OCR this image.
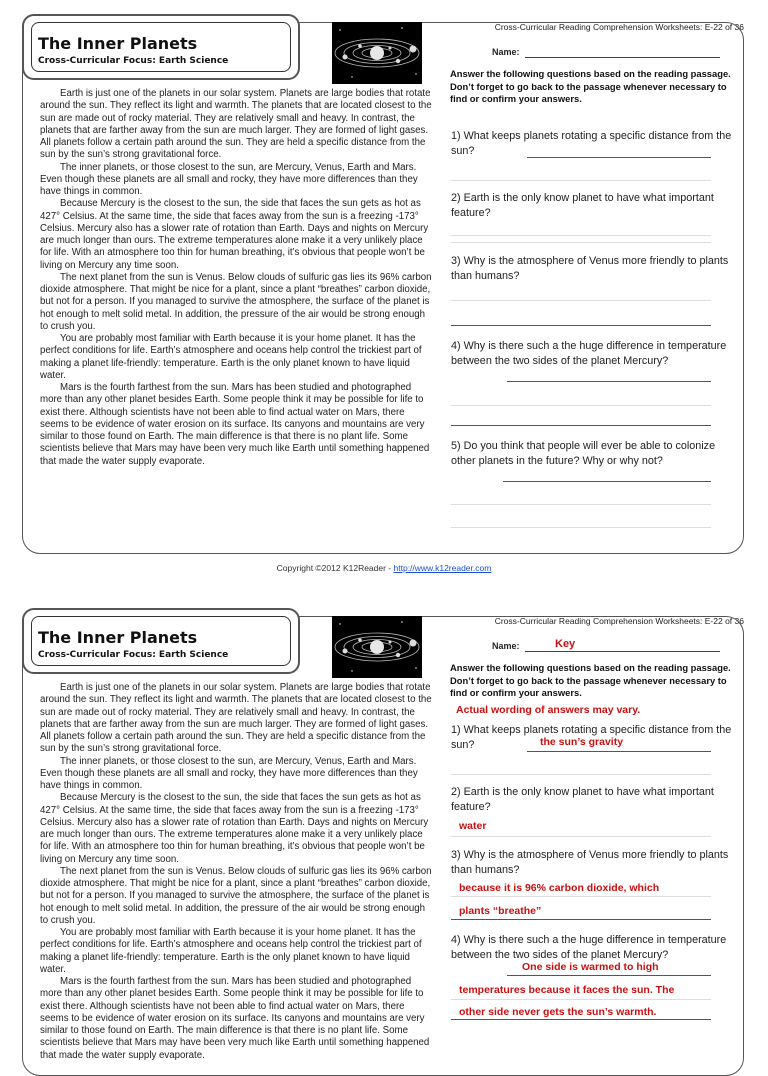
Cross-Curricular Reading Comprehension Worksheets: E-22 of 36
The Inner Planets
Cross-Curricular Focus: Earth Science

Earth is just one of the planets in our solar system. Planets are large bodies that rotate around the sun. They reflect its light and warmth. The planets that are located closest to the sun are made out of rocky material. They are relatively small and heavy. In contrast, the planets that are farther away from the sun are much larger. They are formed of light gases. All planets follow a certain path around the sun. They are held a specific distance from the sun by the sun’s strong gravitational force.

The inner planets, or those closest to the sun, are Mercury, Venus, Earth and Mars. Even though these planets are all small and rocky, they have more differences than they have things in common.

Because Mercury is the closest to the sun, the side that faces the sun gets as hot as 427° Celsius. At the same time, the side that faces away from the sun is a freezing -173° Celsius. Mercury also has a slower rate of rotation than Earth. Days and nights on Mercury are much longer than ours. The extreme temperatures alone make it a very unlikely place for life. With an atmosphere too thin for human breathing, it’s obvious that people won’t be living on Mercury any time soon.

The next planet from the sun is Venus. Below clouds of sulfuric gas lies its 96% carbon dioxide atmosphere. That might be nice for a plant, since a plant “breathes” carbon dioxide, but not for a person. If you managed to survive the atmosphere, the surface of the planet is hot enough to melt solid metal. In addition, the pressure of the air would be strong enough to crush you.

You are probably most familiar with Earth because it is your home planet. It has the perfect conditions for life. Earth’s atmosphere and oceans help control the trickiest part of making a planet life-friendly: temperature. Earth is the only planet known to have liquid water.

Mars is the fourth farthest from the sun. Mars has been studied and photographed more than any other planet besides Earth. Some people think it may be possible for life to exist there. Although scientists have not been able to find actual water on Mars, there seems to be evidence of water erosion on its surface. Its canyons and mountains are very similar to those found on Earth. The main difference is that there is no plant life. Some scientists believe that Mars may have been very much like Earth until something happened that made the water supply evaporate.

Name:
Answer the following questions based on the reading passage. Don’t forget to go back to the passage whenever necessary to find or confirm your answers.
1) What keeps planets rotating a specific distance from the sun?
2) Earth is the only know planet to have what important feature?
3) Why is the atmosphere of Venus more friendly to plants than humans?
4) Why is there such a the huge difference in temperature between the two sides of the planet Mercury?
5) Do you think that people will ever be able to colonize other planets in the future? Why or why not?
Copyright ©2012 K12Reader - http://www.k12reader.com
Cross-Curricular Reading Comprehension Worksheets: E-22 of 36
The Inner Planets
Cross-Curricular Focus: Earth Science

Earth is just one of the planets in our solar system. Planets are large bodies that rotate around the sun. They reflect its light and warmth. The planets that are located closest to the sun are made out of rocky material. They are relatively small and heavy. In contrast, the planets that are farther away from the sun are much larger. They are formed of light gases. All planets follow a certain path around the sun. They are held a specific distance from the sun by the sun’s strong gravitational force.

The inner planets, or those closest to the sun, are Mercury, Venus, Earth and Mars. Even though these planets are all small and rocky, they have more differences than they have things in common.

Because Mercury is the closest to the sun, the side that faces the sun gets as hot as 427° Celsius. At the same time, the side that faces away from the sun is a freezing -173° Celsius. Mercury also has a slower rate of rotation than Earth. Days and nights on Mercury are much longer than ours. The extreme temperatures alone make it a very unlikely place for life. With an atmosphere too thin for human breathing, it’s obvious that people won’t be living on Mercury any time soon.

The next planet from the sun is Venus. Below clouds of sulfuric gas lies its 96% carbon dioxide atmosphere. That might be nice for a plant, since a plant “breathes” carbon dioxide, but not for a person. If you managed to survive the atmosphere, the surface of the planet is hot enough to melt solid metal. In addition, the pressure of the air would be strong enough to crush you.

You are probably most familiar with Earth because it is your home planet. It has the perfect conditions for life. Earth’s atmosphere and oceans help control the trickiest part of making a planet life-friendly: temperature. Earth is the only planet known to have liquid water.

Mars is the fourth farthest from the sun. Mars has been studied and photographed more than any other planet besides Earth. Some people think it may be possible for life to exist there. Although scientists have not been able to find actual water on Mars, there seems to be evidence of water erosion on its surface. Its canyons and mountains are very similar to those found on Earth. The main difference is that there is no plant life. Some scientists believe that Mars may have been very much like Earth until something happened that made the water supply evaporate.

Name:	Key
Answer the following questions based on the reading passage. Don’t forget to go back to the passage whenever necessary to find or confirm your answers.
Actual wording of answers may vary.
1) What keeps planets rotating a specific distance from the sun?	the sun’s gravity
2) Earth is the only know planet to have what important feature?
water
3) Why is the atmosphere of Venus more friendly to plants than humans?
because it is 96% carbon dioxide, which
plants “breathe”
4) Why is there such a the huge difference in temperature between the two sides of the planet Mercury?
One side is warmed to high
temperatures because it faces the sun. The
other side never gets the sun’s warmth.
